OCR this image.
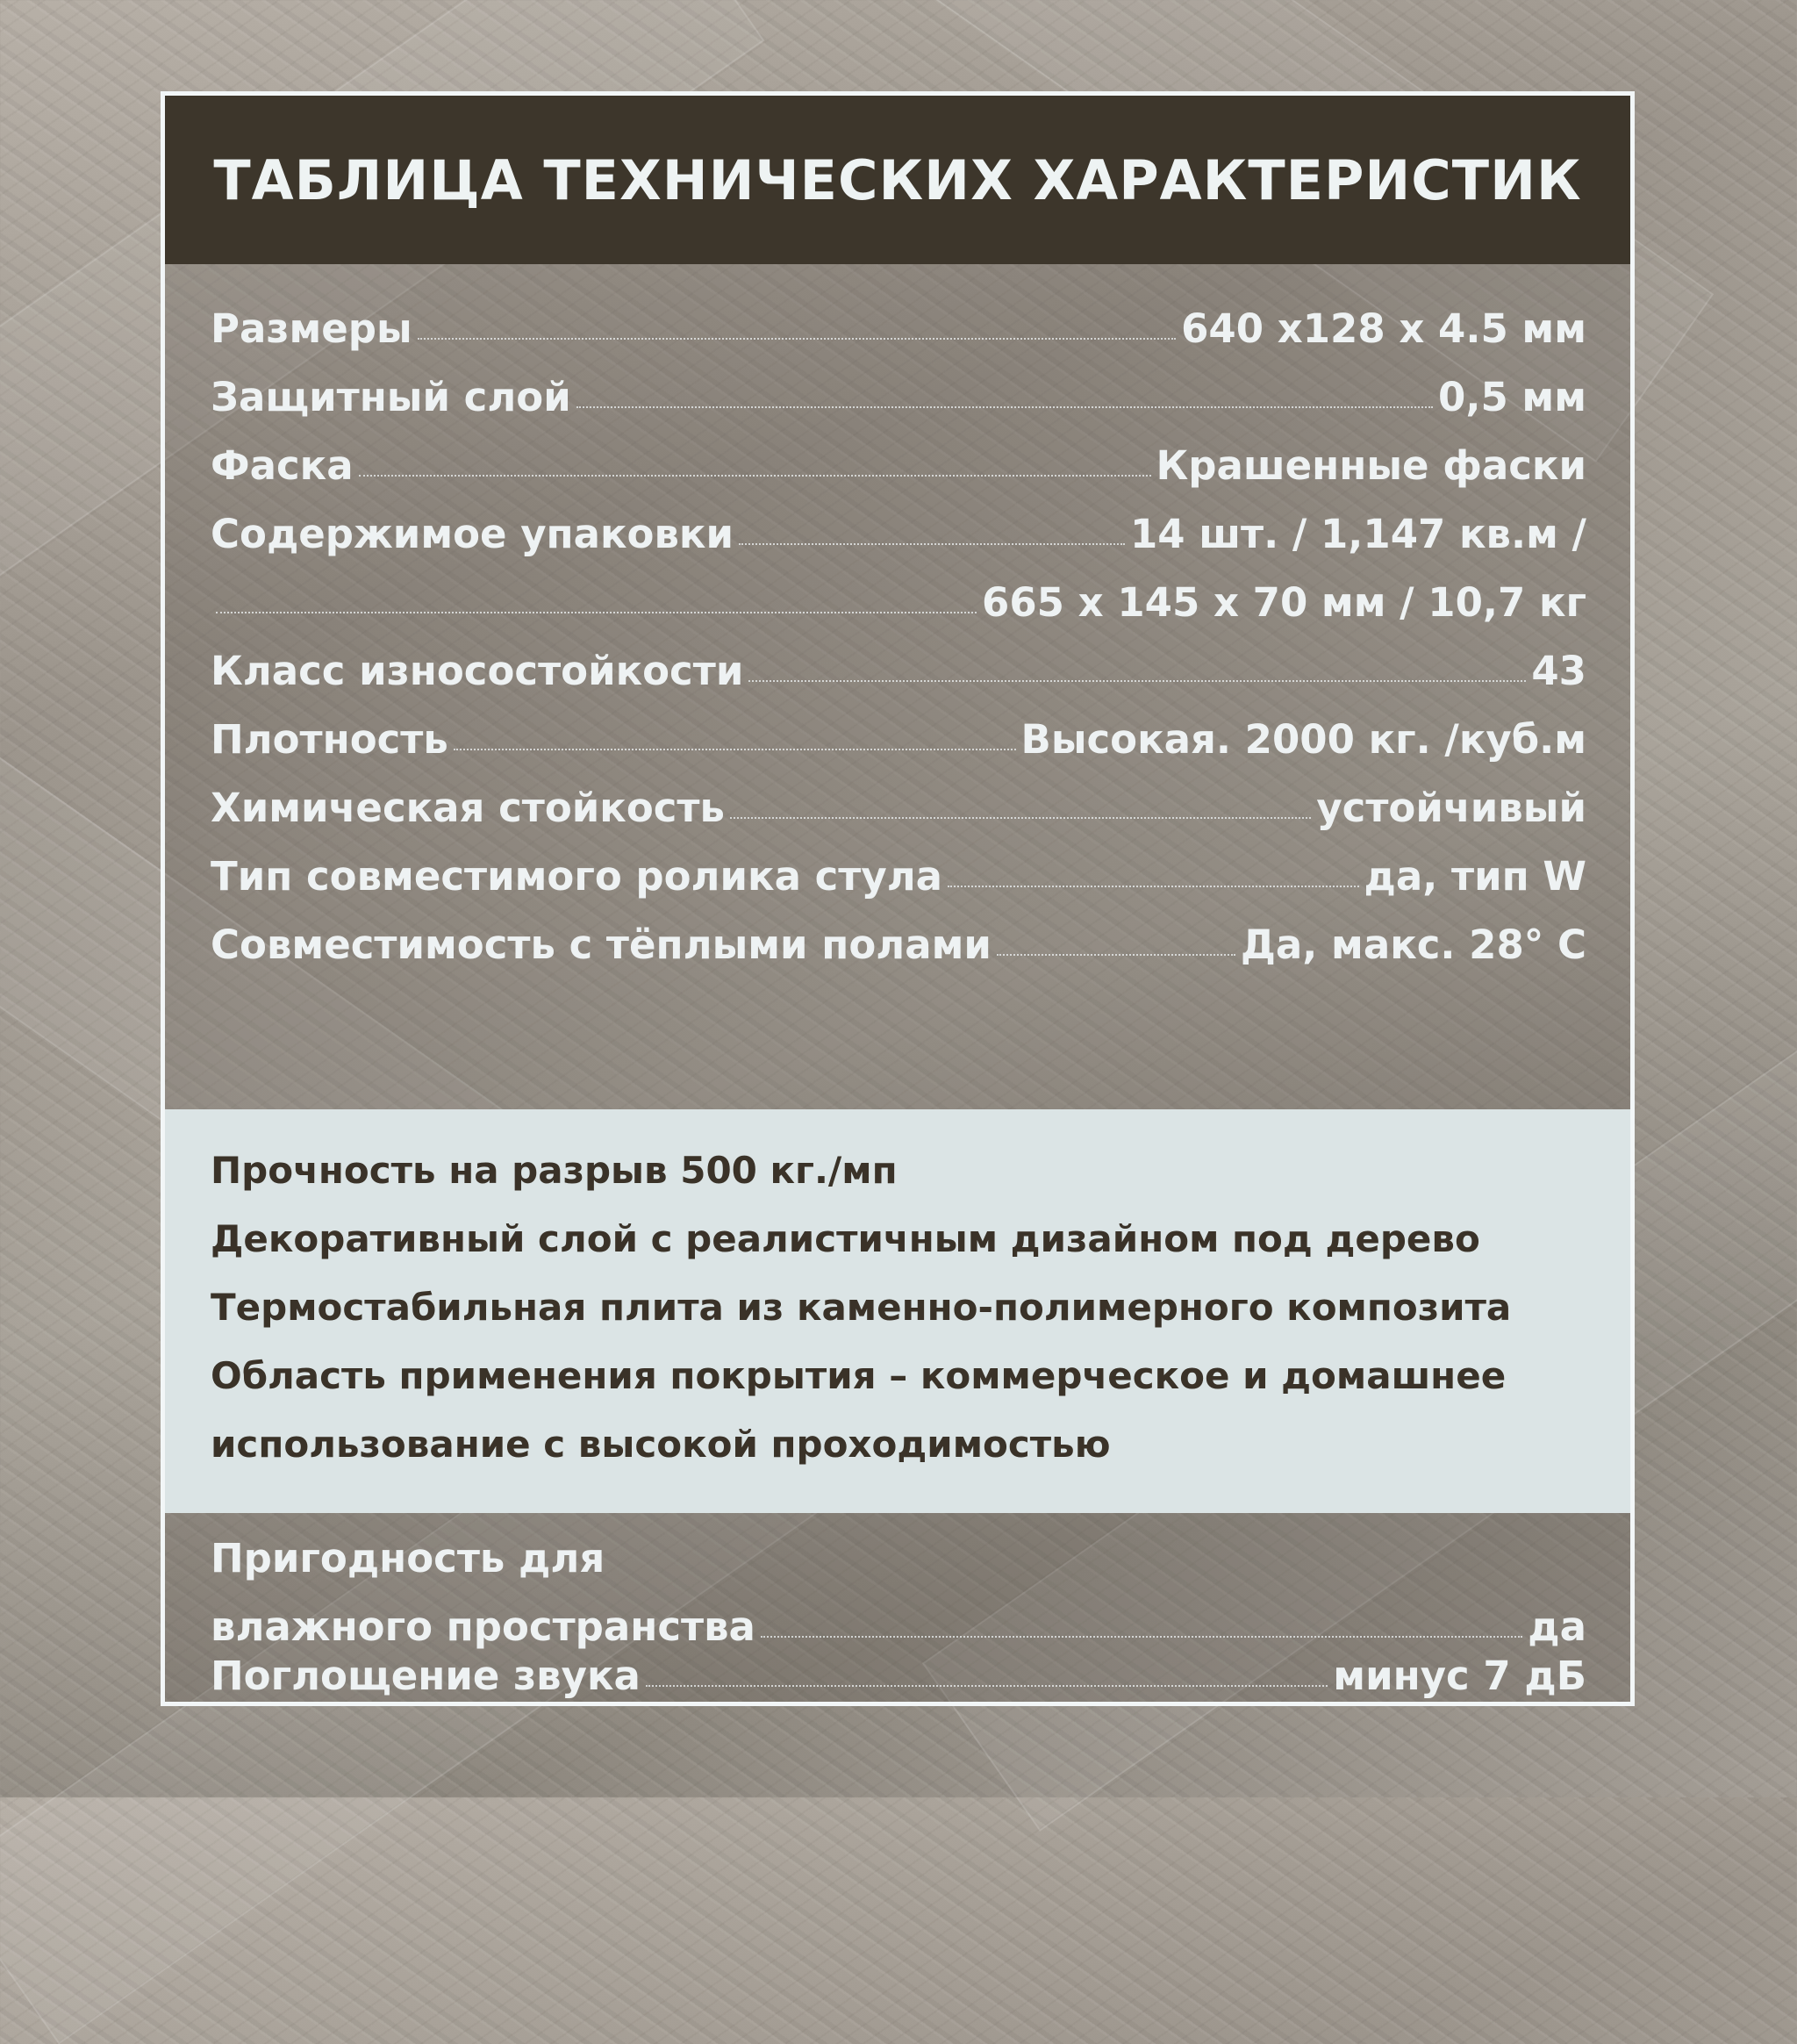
ТАБЛИЦА ТЕХНИЧЕСКИХ ХАРАКТЕРИСТИК
Размеры	640 x128 x 4.5 мм
Защитный слой	0,5 мм
Фаска	Крашенные фаски
Содержимое упаковки	14 шт. / 1,147 кв.м /
665 x 145 x 70 мм / 10,7 кг
Класс износостойкости	43
Плотность	Высокая. 2000 кг. /куб.м
Химическая стойкость	устойчивый
Тип совместимого ролика стула	да, тип W
Совместимость с тёплыми полами	Да, макс. 28° С
Прочность на разрыв 500 кг./мп
Декоративный слой с реалистичным дизайном под дерево
Термостабильная плита из каменно-полимерного композита
Область применения покрытия – коммерческое и домашнее
использование с высокой проходимостью
Пригодность для
влажного пространства	да
Поглощение звука	минус 7 дБ
